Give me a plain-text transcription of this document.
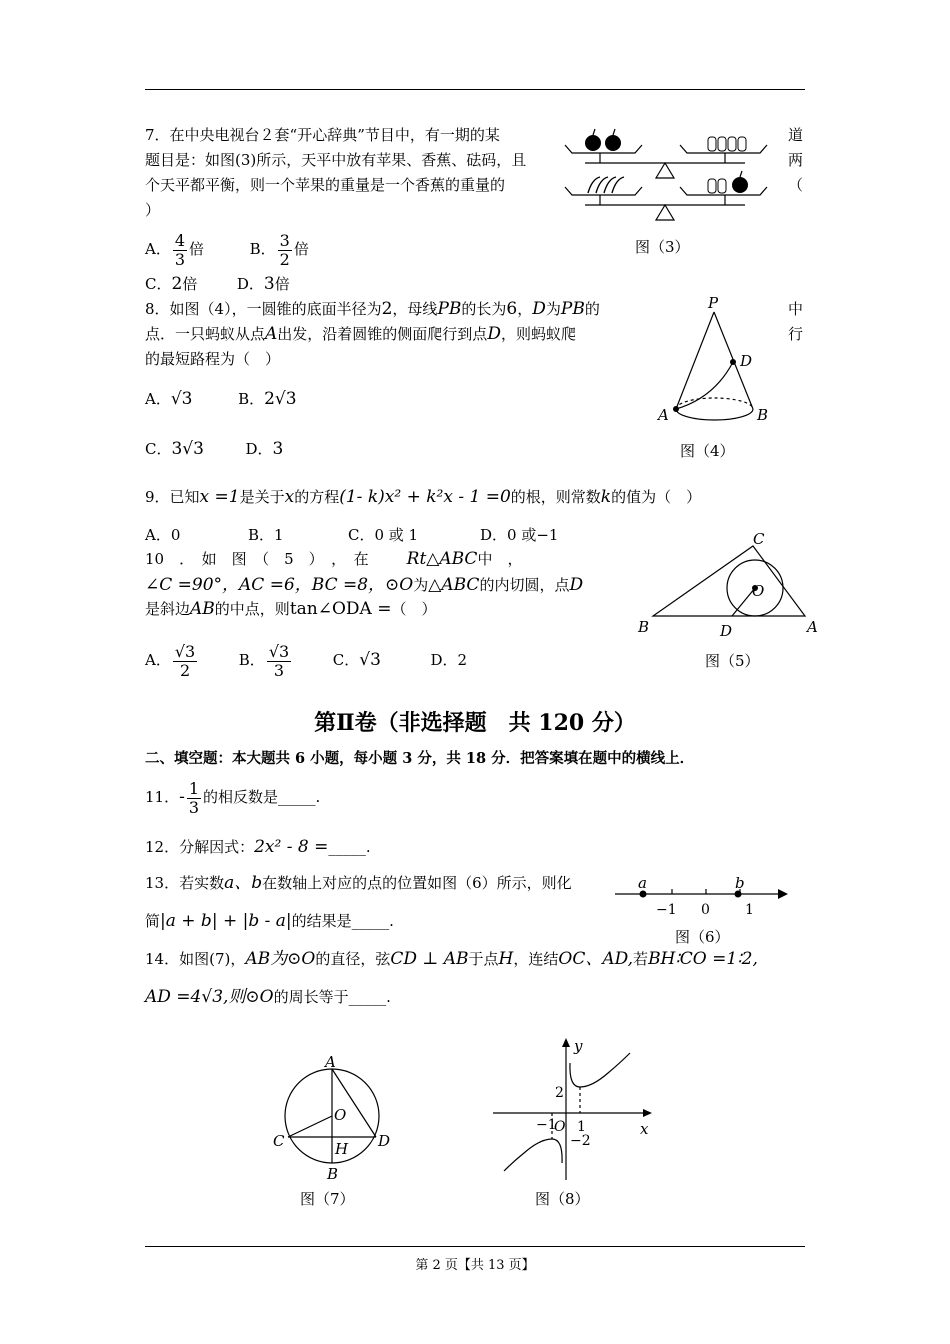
7．在中央电视台２套“开心辞典”节目中，有一期的某
题目是：如图(3)所示，天平中放有苹果、香蕉、砝码，且
个天平都平衡，则一个苹果的重量是一个香蕉的重量的
）
道
两
（
A． $\frac{4}{3}$ 倍	B． $\frac{3}{2}$ 倍
C．2倍	D．3倍
图（3）
8．如图（4），一圆锥的底面半径为2，母线PB的长为6，D为PB的	中
点．一只蚂蚁从点A出发，沿着圆锥的侧面爬行到点D，则蚂蚁爬	行
的最短路程为（　）
A．√3	B．2√3
C．3√3	D．3
P
D
A	B
图（4）
9．已知x =1是关于x的方程(1- k)x² + k²x - 1 =0的根，则常数k的值为（　）
A．0	B．1	C．0 或 1	D．0 或−1
10　．　如　图　（　5　）　，　在 Rt△ABC中　，
∠C =90°，AC =6，BC =8，⊙O为△ABC的内切圆，点D
是斜边AB的中点，则tan∠ODA =（　）
A． $\frac{√3}{2}$	B． $\frac{√3}{3}$	C．√3	D．2
C
O
B	D	A
图（5）
第Ⅱ卷（非选择题　共 120 分）
二、填空题：本大题共 6 小题，每小题 3 分，共 18 分．把答案填在题中的横线上．
11．- $\frac{1}{3}$ 的相反数是_____.
12．分解因式：2x² - 8 =_____.
13．若实数a、b在数轴上对应的点的位置如图（6）所示，则化
简|a + b| + |b - a|的结果是_____.
a	b
−1 0	1
图（6）
14．如图(7)，AB为⊙O的直径，弦CD ⊥ AB于点H，连结OC、AD,若BH∶CO =1∶2,
AD =4√3,则⊙O的周长等于_____.
A
O
C	H D
B
图（7）
y
x
2
−1
O 1
−2
图（8）
第 2 页【共 13 页】
